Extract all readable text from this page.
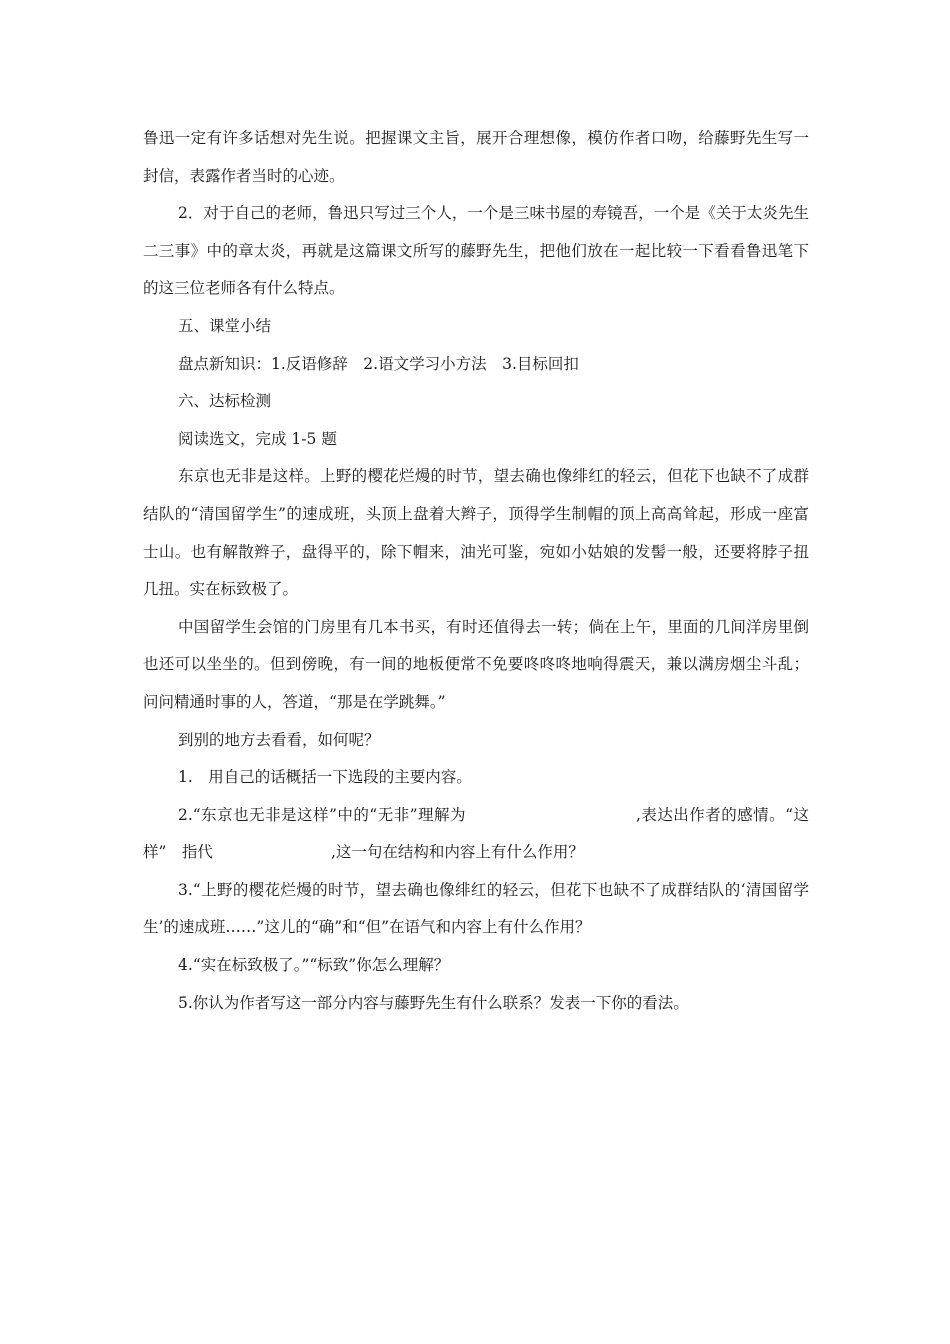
鲁迅一定有许多话想对先生说。把握课文主旨，展开合理想像，模仿作者口吻，给藤野先生写一封信，表露作者当时的心迹。

2．对于自己的老师，鲁迅只写过三个人，一个是三味书屋的寿镜吾，一个是《关于太炎先生二三事》中的章太炎，再就是这篇课文所写的藤野先生，把他们放在一起比较一下看看鲁迅笔下的这三位老师各有什么特点。

五、课堂小结

盘点新知识：1.反语修辞　2.语文学习小方法　3.目标回扣

六、达标检测

阅读选文，完成 1-5 题

东京也无非是这样。上野的樱花烂熳的时节，望去确也像绯红的轻云，但花下也缺不了成群结队的“清国留学生”的速成班，头顶上盘着大辫子，顶得学生制帽的顶上高高耸起，形成一座富士山。也有解散辫子，盘得平的，除下帽来，油光可鉴，宛如小姑娘的发髻一般，还要将脖子扭几扭。实在标致极了。

中国留学生会馆的门房里有几本书买，有时还值得去一转；倘在上午，里面的几间洋房里倒也还可以坐坐的。但到傍晚，有一间的地板便常不免要咚咚咚地响得震天，兼以满房烟尘斗乱；问问精通时事的人，答道，“那是在学跳舞。”

到别的地方去看看，如何呢？

1.　用自己的话概括一下选段的主要内容。

2.“东京也无非是这样”中的“无非”理解为	,表达出作者的感情。“这样”　指代	,这一句在结构和内容上有什么作用？

3.“上野的樱花烂熳的时节，望去确也像绯红的轻云，但花下也缺不了成群结队的‘清国留学生’的速成班……”这儿的“确”和“但”在语气和内容上有什么作用？

4.“实在标致极了。”“标致”你怎么理解？

5.你认为作者写这一部分内容与藤野先生有什么联系？发表一下你的看法。
